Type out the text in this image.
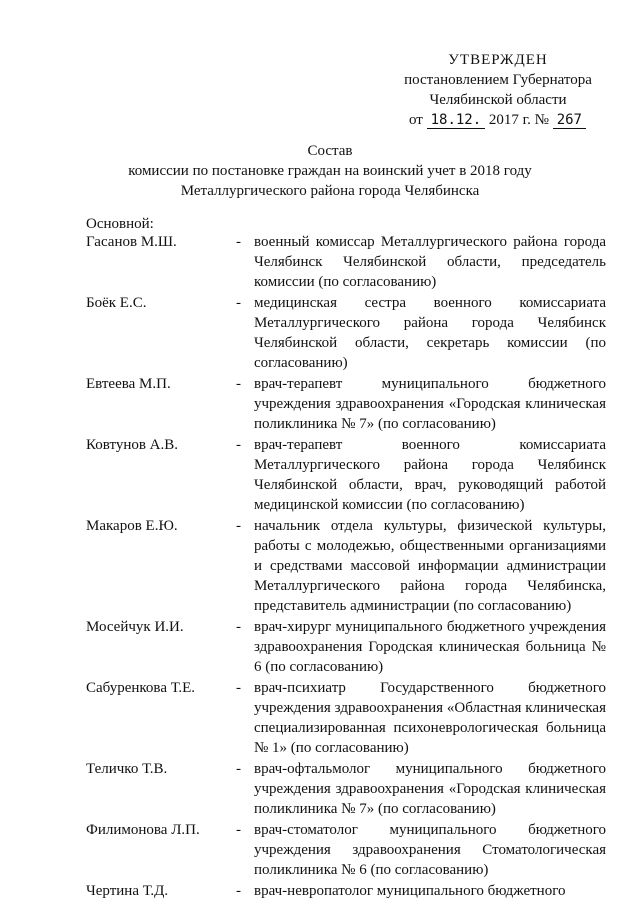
УТВЕРЖДЕН
постановлением Губернатора
Челябинской области
от 18.12. 2017 г. № 267
Состав
комиссии по постановке граждан на воинский учет в 2018 году
Металлургического района города Челябинска
Основной:
Гасанов М.Ш.	- военный комиссар Металлургического района города Челябинск Челябинской области, председатель комиссии (по согласованию)
Боёк Е.С.	- медицинская сестра военного комиссариата Металлургического района города Челябинск Челябинской области, секретарь комиссии (по согласованию)
Евтеева М.П.	- врач-терапевт муниципального бюджетного учреждения здравоохранения «Городская клиническая поликлиника № 7» (по согласованию)
Ковтунов А.В.	- врач-терапевт военного комиссариата Металлургического района города Челябинск Челябинской области, врач, руководящий работой медицинской комиссии (по согласованию)
Макаров Е.Ю.	- начальник отдела культуры, физической культуры, работы с молодежью, общественными организациями и средствами массовой информации администрации Металлургического района города Челябинска, представитель администрации (по согласованию)
Мосейчук И.И.	- врач-хирург муниципального бюджетного учреждения здравоохранения Городская клиническая больница № 6 (по согласованию)
Сабуренкова Т.Е.	- врач-психиатр Государственного бюджетного учреждения здравоохранения «Областная клиническая специализированная психоневрологическая больница № 1» (по согласованию)
Теличко Т.В.	- врач-офтальмолог муниципального бюджетного учреждения здравоохранения «Городская клиническая поликлиника № 7» (по согласованию)
Филимонова Л.П.	- врач-стоматолог муниципального бюджетного учреждения здравоохранения Стоматологическая поликлиника № 6 (по согласованию)
Чертина Т.Д.	- врач-невропатолог муниципального бюджетного
